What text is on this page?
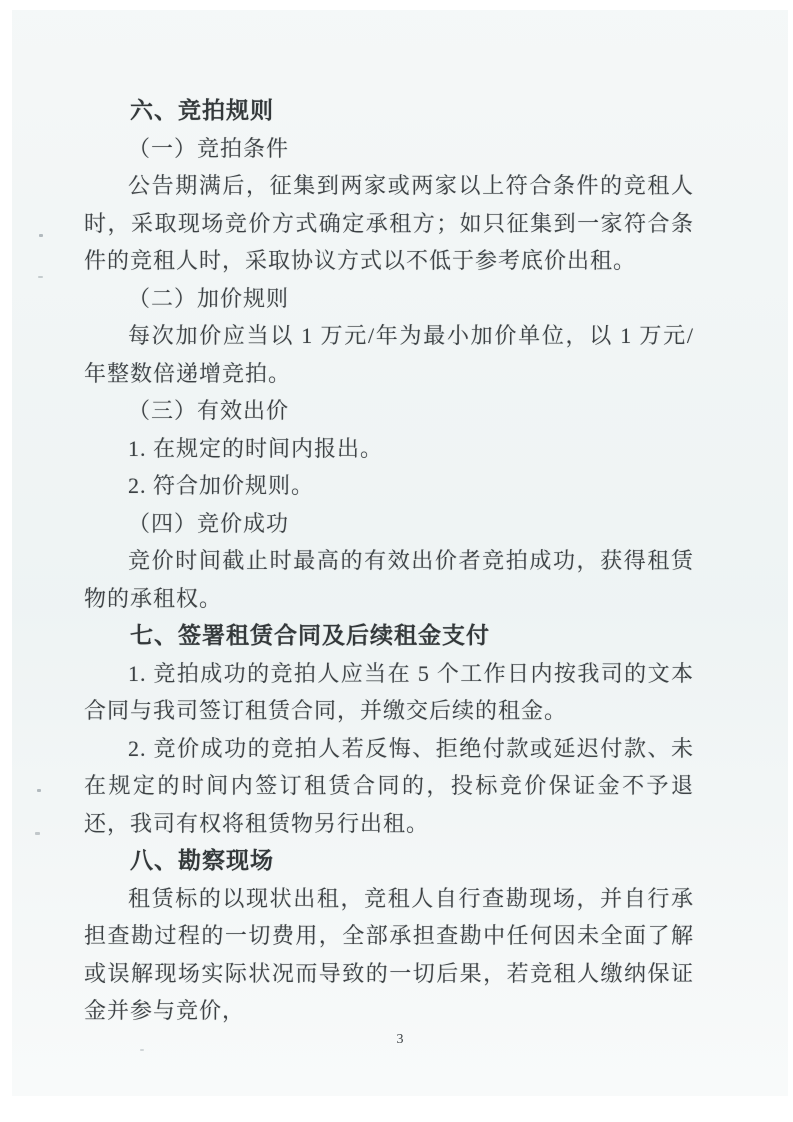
六、竞拍规则
（一）竞拍条件
公告期满后，征集到两家或两家以上符合条件的竞租人时，采取现场竞价方式确定承租方；如只征集到一家符合条件的竞租人时，采取协议方式以不低于参考底价出租。
（二）加价规则
每次加价应当以 1 万元/年为最小加价单位，以 1 万元/年整数倍递增竞拍。
（三）有效出价
1. 在规定的时间内报出。
2. 符合加价规则。
（四）竞价成功
竞价时间截止时最高的有效出价者竞拍成功，获得租赁物的承租权。
七、签署租赁合同及后续租金支付
1. 竞拍成功的竞拍人应当在 5 个工作日内按我司的文本合同与我司签订租赁合同，并缴交后续的租金。
2. 竞价成功的竞拍人若反悔、拒绝付款或延迟付款、未在规定的时间内签订租赁合同的，投标竞价保证金不予退还，我司有权将租赁物另行出租。
八、勘察现场
租赁标的以现状出租，竞租人自行查勘现场，并自行承担查勘过程的一切费用，全部承担查勘中任何因未全面了解或误解现场实际状况而导致的一切后果，若竞租人缴纳保证金并参与竞价，
3
